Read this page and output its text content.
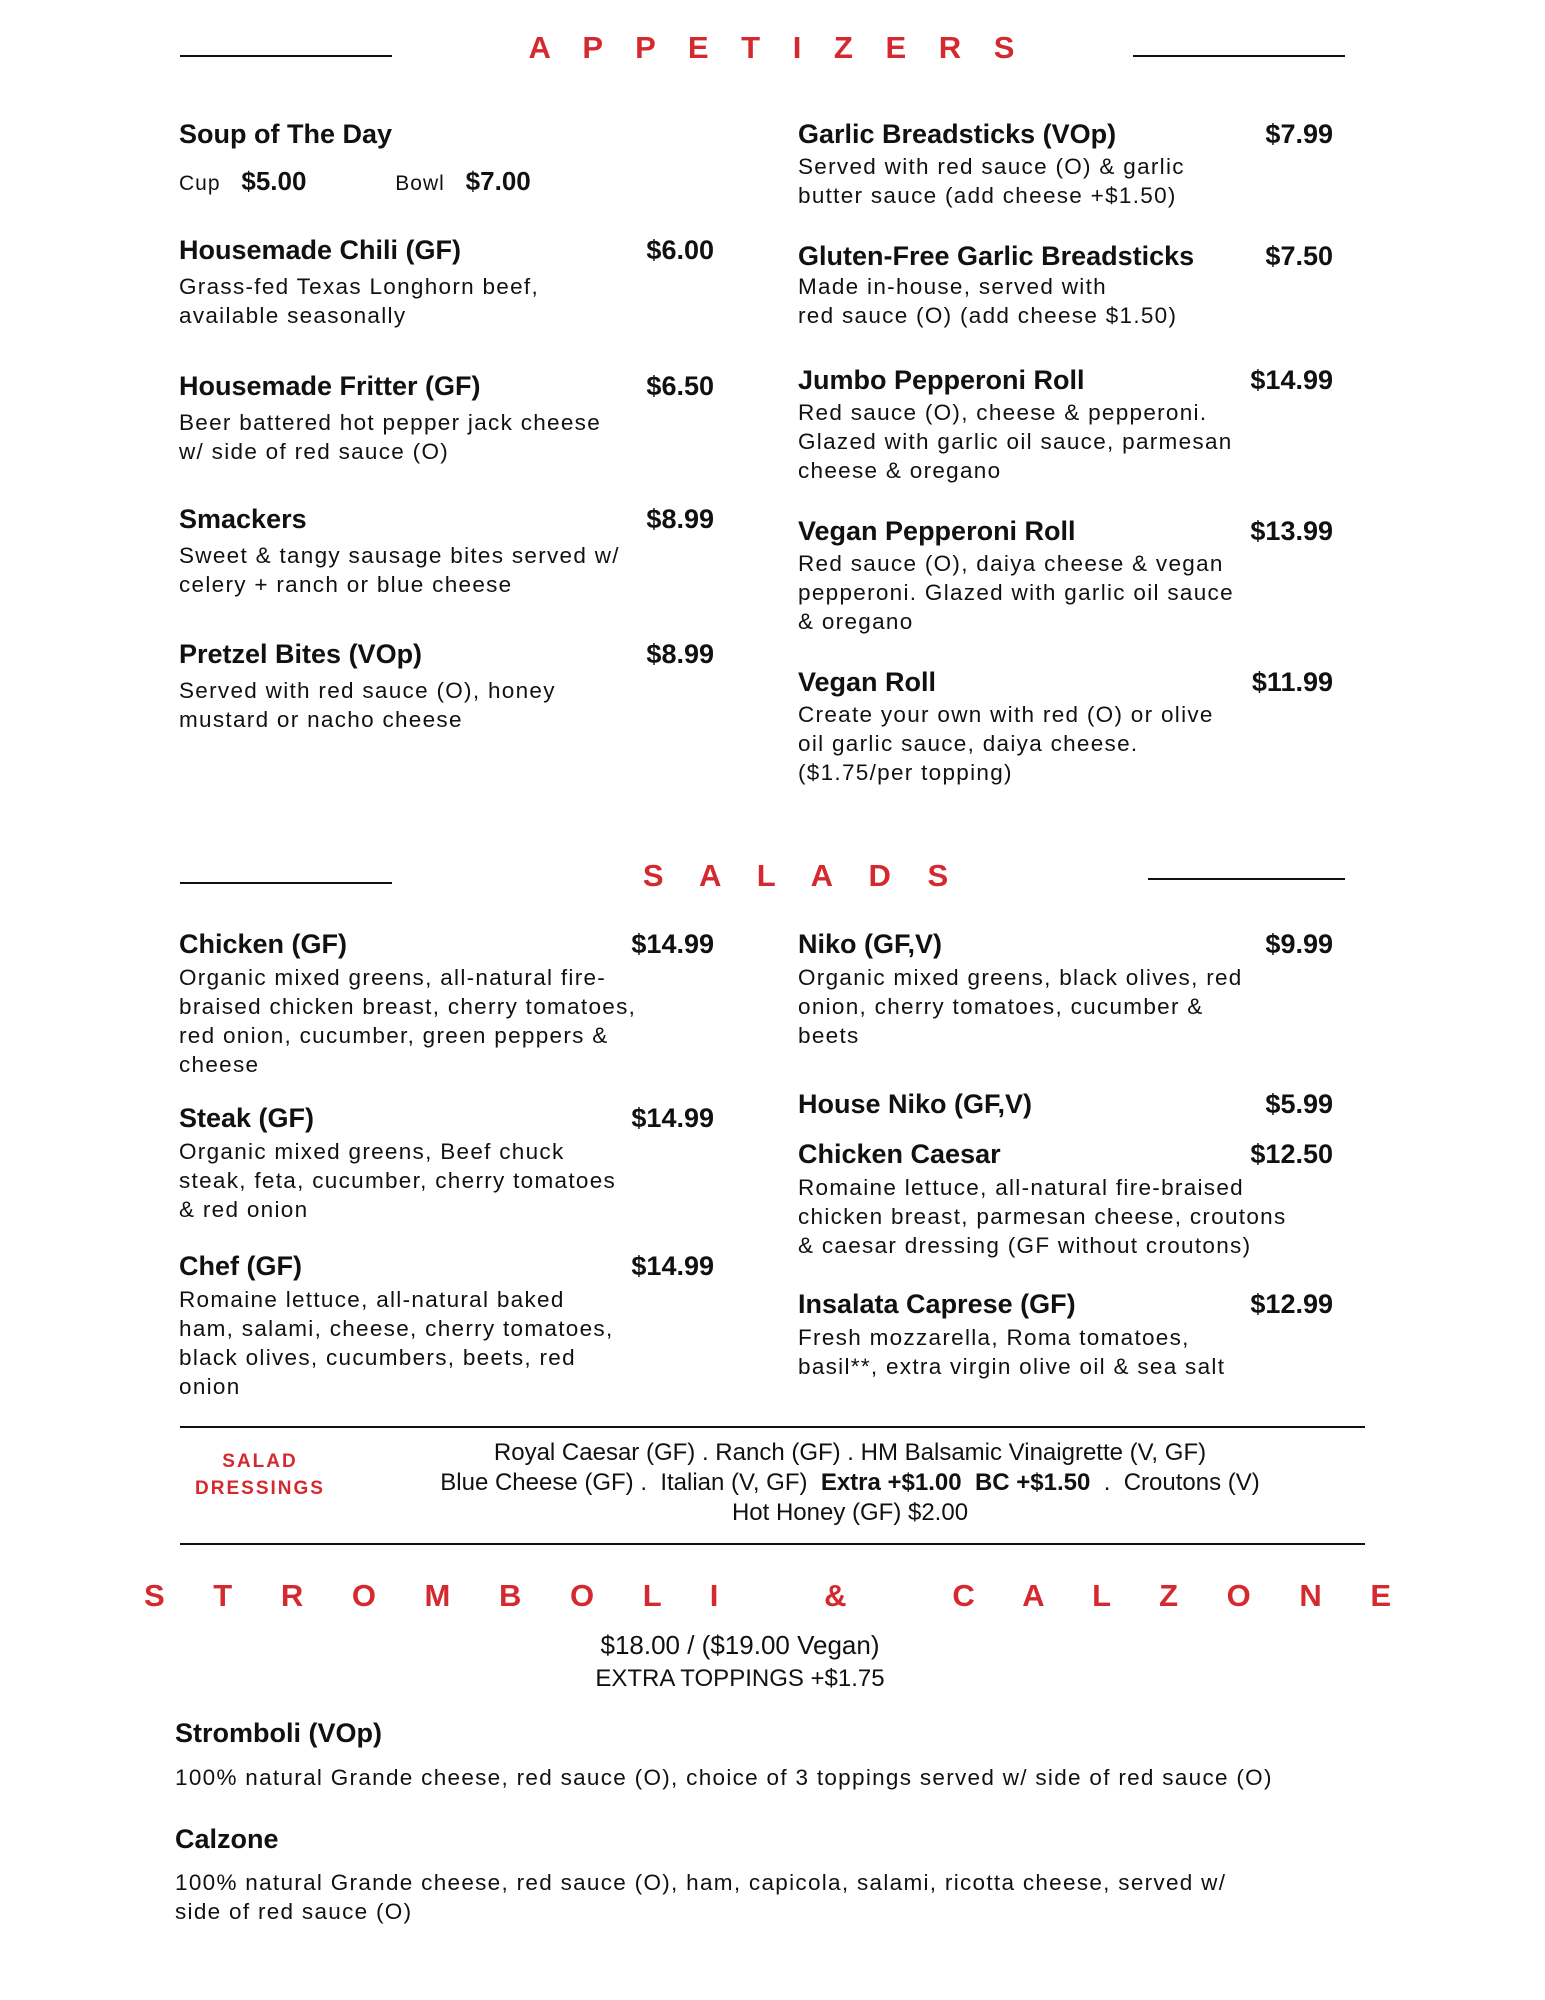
A P P E T I Z E R S
Soup of The Day
Cup $5.00	Bowl $7.00
Housemade Chili (GF)	$6.00
Grass-fed Texas Longhorn beef,
available seasonally
Housemade Fritter (GF)	$6.50
Beer battered hot pepper jack cheese
w/ side of red sauce (O)
Smackers	$8.99
Sweet & tangy sausage bites served w/
celery + ranch or blue cheese
Pretzel Bites (VOp)	$8.99
Served with red sauce (O), honey
mustard or nacho cheese
Garlic Breadsticks (VOp)	$7.99
Served with red sauce (O) & garlic
butter sauce (add cheese +$1.50)
Gluten-Free Garlic Breadsticks	$7.50
Made in-house, served with
red sauce (O) (add cheese $1.50)
Jumbo Pepperoni Roll	$14.99
Red sauce (O), cheese & pepperoni.
Glazed with garlic oil sauce, parmesan
cheese & oregano
Vegan Pepperoni Roll	$13.99
Red sauce (O), daiya cheese & vegan
pepperoni. Glazed with garlic oil sauce
& oregano
Vegan Roll	$11.99
Create your own with red (O) or olive
oil garlic sauce, daiya cheese.
($1.75/per topping)
S A L A D S
Chicken (GF)	$14.99
Organic mixed greens, all-natural fire-
braised chicken breast, cherry tomatoes,
red onion, cucumber, green peppers &
cheese
Steak (GF)	$14.99
Organic mixed greens, Beef chuck
steak, feta, cucumber, cherry tomatoes
& red onion
Chef (GF)	$14.99
Romaine lettuce, all-natural baked
ham, salami, cheese, cherry tomatoes,
black olives, cucumbers, beets, red
onion
Niko (GF,V)	$9.99
Organic mixed greens, black olives, red
onion, cherry tomatoes, cucumber &
beets
House Niko (GF,V)	$5.99
Chicken Caesar	$12.50
Romaine lettuce, all-natural fire-braised
chicken breast, parmesan cheese, croutons
& caesar dressing (GF without croutons)
Insalata Caprese (GF)	$12.99
Fresh mozzarella, Roma tomatoes,
basil**, extra virgin olive oil & sea salt
SALAD
DRESSINGS
Royal Caesar (GF) . Ranch (GF) . HM Balsamic Vinaigrette (V, GF)
Blue Cheese (GF) .  Italian (V, GF)  Extra +$1.00  BC +$1.50  .  Croutons (V)
Hot Honey (GF) $2.00
S T R O M B O L I   &   C A L Z O N E
$18.00 / ($19.00 Vegan)
EXTRA TOPPINGS +$1.75
Stromboli (VOp)
100% natural Grande cheese, red sauce (O), choice of 3 toppings served w/ side of red sauce (O)
Calzone
100% natural Grande cheese, red sauce (O), ham, capicola, salami, ricotta cheese, served w/
side of red sauce (O)
